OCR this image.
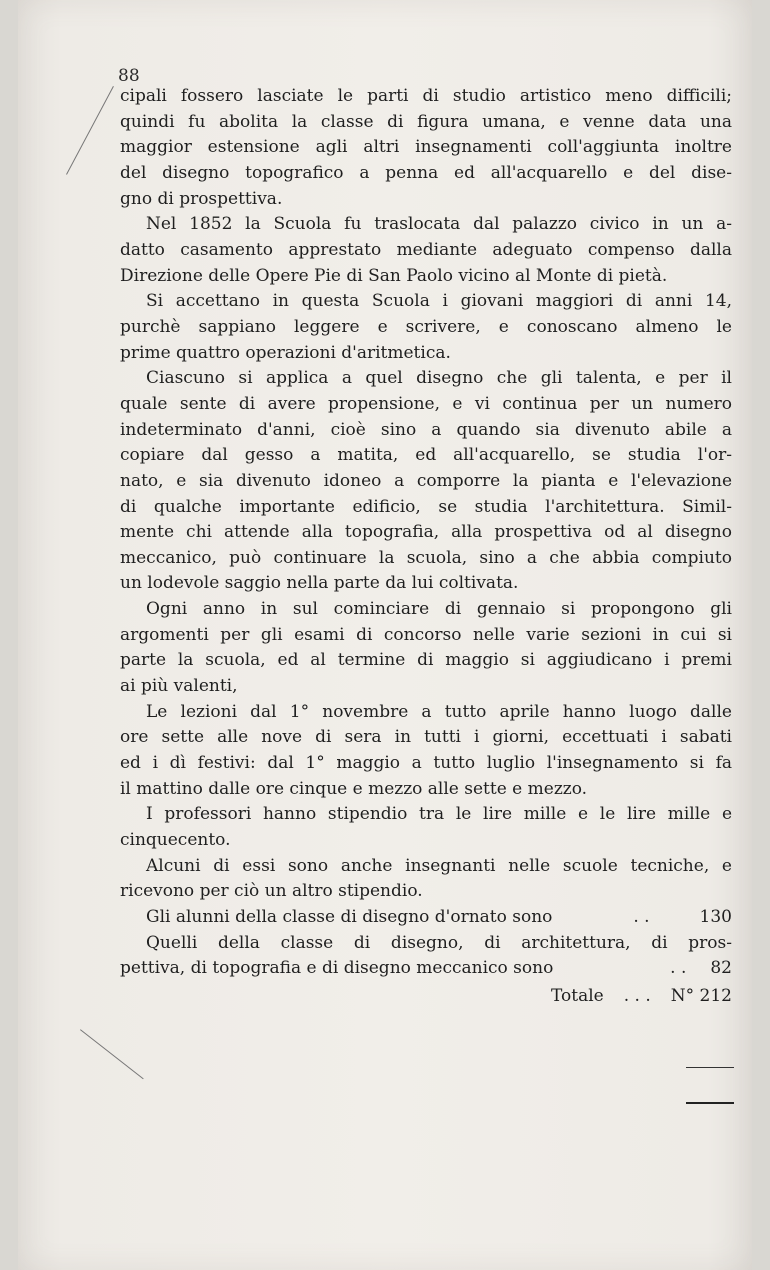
88

cipali fossero lasciate le parti di studio artistico meno difficili;
quindi fu abolita la classe di figura umana, e venne data una
maggior estensione agli altri insegnamenti coll'aggiunta inoltre
del disegno topografico a penna ed all'acquarello e del dise-
gno di prospettiva.

Nel 1852 la Scuola fu traslocata dal palazzo civico in un a-
datto casamento apprestato mediante adeguato compenso dalla
Direzione delle Opere Pie di San Paolo vicino al Monte di pietà.

Si accettano in questa Scuola i giovani maggiori di anni 14,
purchè sappiano leggere e scrivere, e conoscano almeno le
prime quattro operazioni d'aritmetica.

Ciascuno si applica a quel disegno che gli talenta, e per il
quale sente di avere propensione, e vi continua per un numero
indeterminato d'anni, cioè sino a quando sia divenuto abile a
copiare dal gesso a matita, ed all'acquarello, se studia l'or-
nato, e sia divenuto idoneo a comporre la pianta e l'elevazione
di qualche importante edificio, se studia l'architettura. Simil-
mente chi attende alla topografia, alla prospettiva od al disegno
meccanico, può continuare la scuola, sino a che abbia compiuto
un lodevole saggio nella parte da lui coltivata.

Ogni anno in sul cominciare di gennaio si propongono gli
argomenti per gli esami di concorso nelle varie sezioni in cui si
parte la scuola, ed al termine di maggio si aggiudicano i premi
ai più valenti,

Le lezioni dal 1° novembre a tutto aprile hanno luogo dalle
ore sette alle nove di sera in tutti i giorni, eccettuati i sabati
ed i dì festivi: dal 1° maggio a tutto luglio l'insegnamento si fa
il mattino dalle ore cinque e mezzo alle sette e mezzo.

I professori hanno stipendio tra le lire mille e le lire mille e
cinquecento.

Alcuni di essi sono anche insegnanti nelle scuole tecniche, e
ricevono per ciò un altro stipendio.

Gli alunni della classe di disegno d'ornato sono	. .	130
Quelli della classe di disegno, di architettura, di pros-
pettiva, di topografia e di disegno meccanico sono	. . 82
Totale . . . N° 212
